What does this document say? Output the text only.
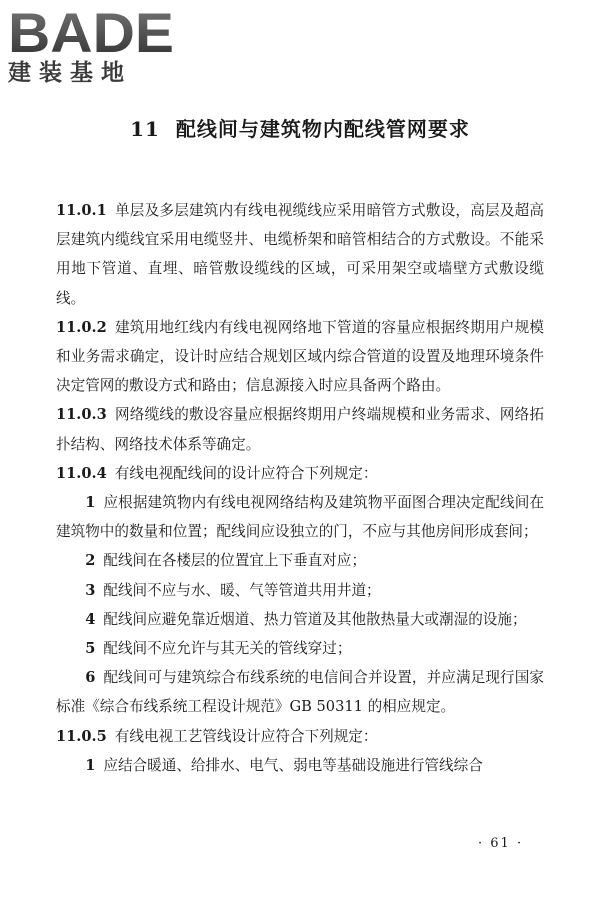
BADE
建装基地
11 配线间与建筑物内配线管网要求

11.0.1 单层及多层建筑内有线电视缆线应采用暗管方式敷设，高层及超高层建筑内缆线宜采用电缆竖井、电缆桥架和暗管相结合的方式敷设。不能采用地下管道、直埋、暗管敷设缆线的区域，可采用架空或墙壁方式敷设缆线。

11.0.2 建筑用地红线内有线电视网络地下管道的容量应根据终期用户规模和业务需求确定，设计时应结合规划区域内综合管道的设置及地理环境条件决定管网的敷设方式和路由；信息源接入时应具备两个路由。

11.0.3 网络缆线的敷设容量应根据终期用户终端规模和业务需求、网络拓扑结构、网络技术体系等确定。

11.0.4 有线电视配线间的设计应符合下列规定：

1 应根据建筑物内有线电视网络结构及建筑物平面图合理决定配线间在建筑物中的数量和位置；配线间应设独立的门，不应与其他房间形成套间；

2 配线间在各楼层的位置宜上下垂直对应；

3 配线间不应与水、暖、气等管道共用井道；

4 配线间应避免靠近烟道、热力管道及其他散热量大或潮湿的设施；

5 配线间不应允许与其无关的管线穿过；

6 配线间可与建筑综合布线系统的电信间合并设置，并应满足现行国家标准《综合布线系统工程设计规范》GB 50311 的相应规定。

11.0.5 有线电视工艺管线设计应符合下列规定：

1 应结合暖通、给排水、电气、弱电等基础设施进行管线综合

· 61 ·
